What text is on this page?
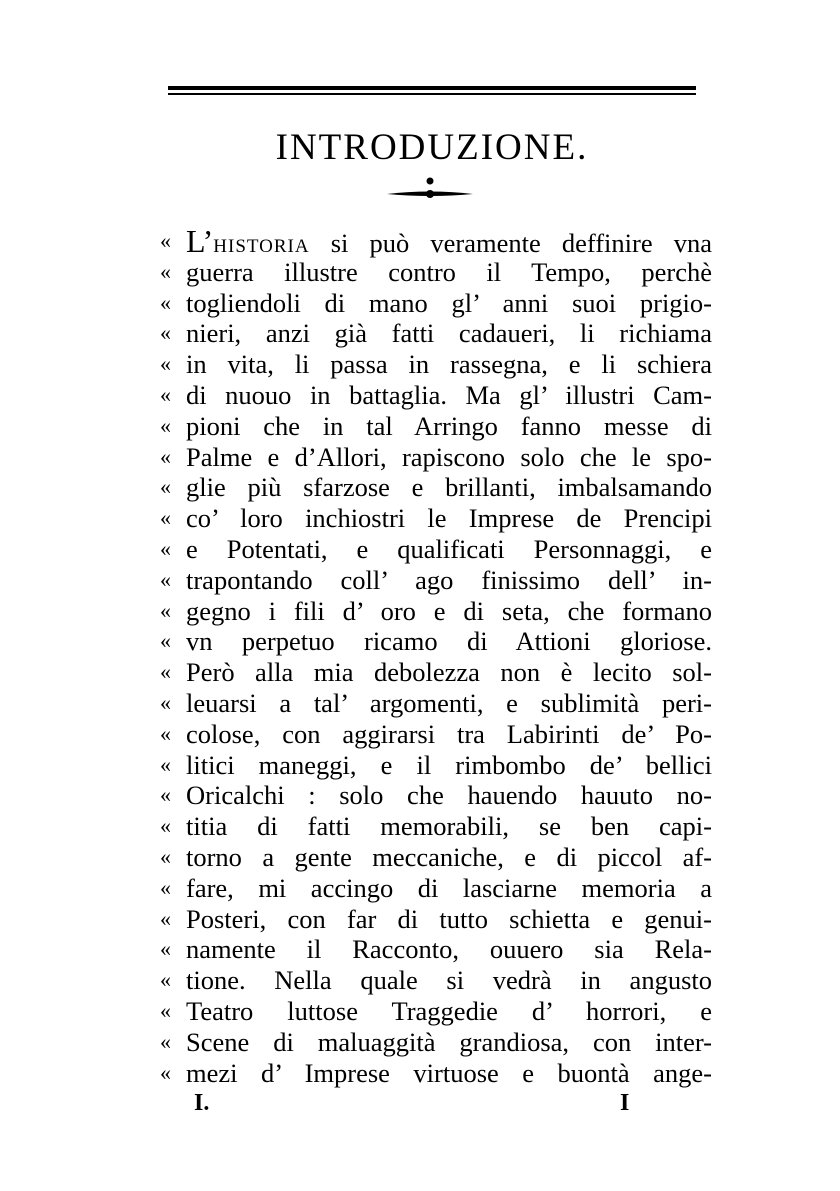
INTRODUZIONE.
« L’historia si può veramente deffinire vna
« guerra illustre contro il Tempo, perchè
« togliendoli di mano gl’ anni suoi prigio-
« nieri, anzi già fatti cadaueri, li richiama
« in vita, li passa in rassegna, e li schiera
« di nuouo in battaglia. Ma gl’ illustri Cam-
« pioni che in tal Arringo fanno messe di
« Palme e d’Allori, rapiscono solo che le spo-
« glie più sfarzose e brillanti, imbalsamando
« co’ loro inchiostri le Imprese de Prencipi
« e Potentati, e qualificati Personnaggi, e
« trapontando coll’ ago finissimo dell’ in-
« gegno i fili d’ oro e di seta, che formano
« vn perpetuo ricamo di Attioni gloriose.
« Però alla mia debolezza non è lecito sol-
« leuarsi a tal’ argomenti, e sublimità peri-
« colose, con aggirarsi tra Labirinti de’ Po-
« litici maneggi, e il rimbombo de’ bellici
« Oricalchi : solo che hauendo hauuto no-
« titia di fatti memorabili, se ben capi-
« torno a gente meccaniche, e di piccol af-
« fare, mi accingo di lasciarne memoria a
« Posteri, con far di tutto schietta e genui-
« namente il Racconto, ouuero sia Rela-
« tione. Nella quale si vedrà in angusto
« Teatro luttose Traggedie d’ horrori, e
« Scene di maluaggità grandiosa, con inter-
« mezi d’ Imprese virtuose e buontà ange-
I.	I
